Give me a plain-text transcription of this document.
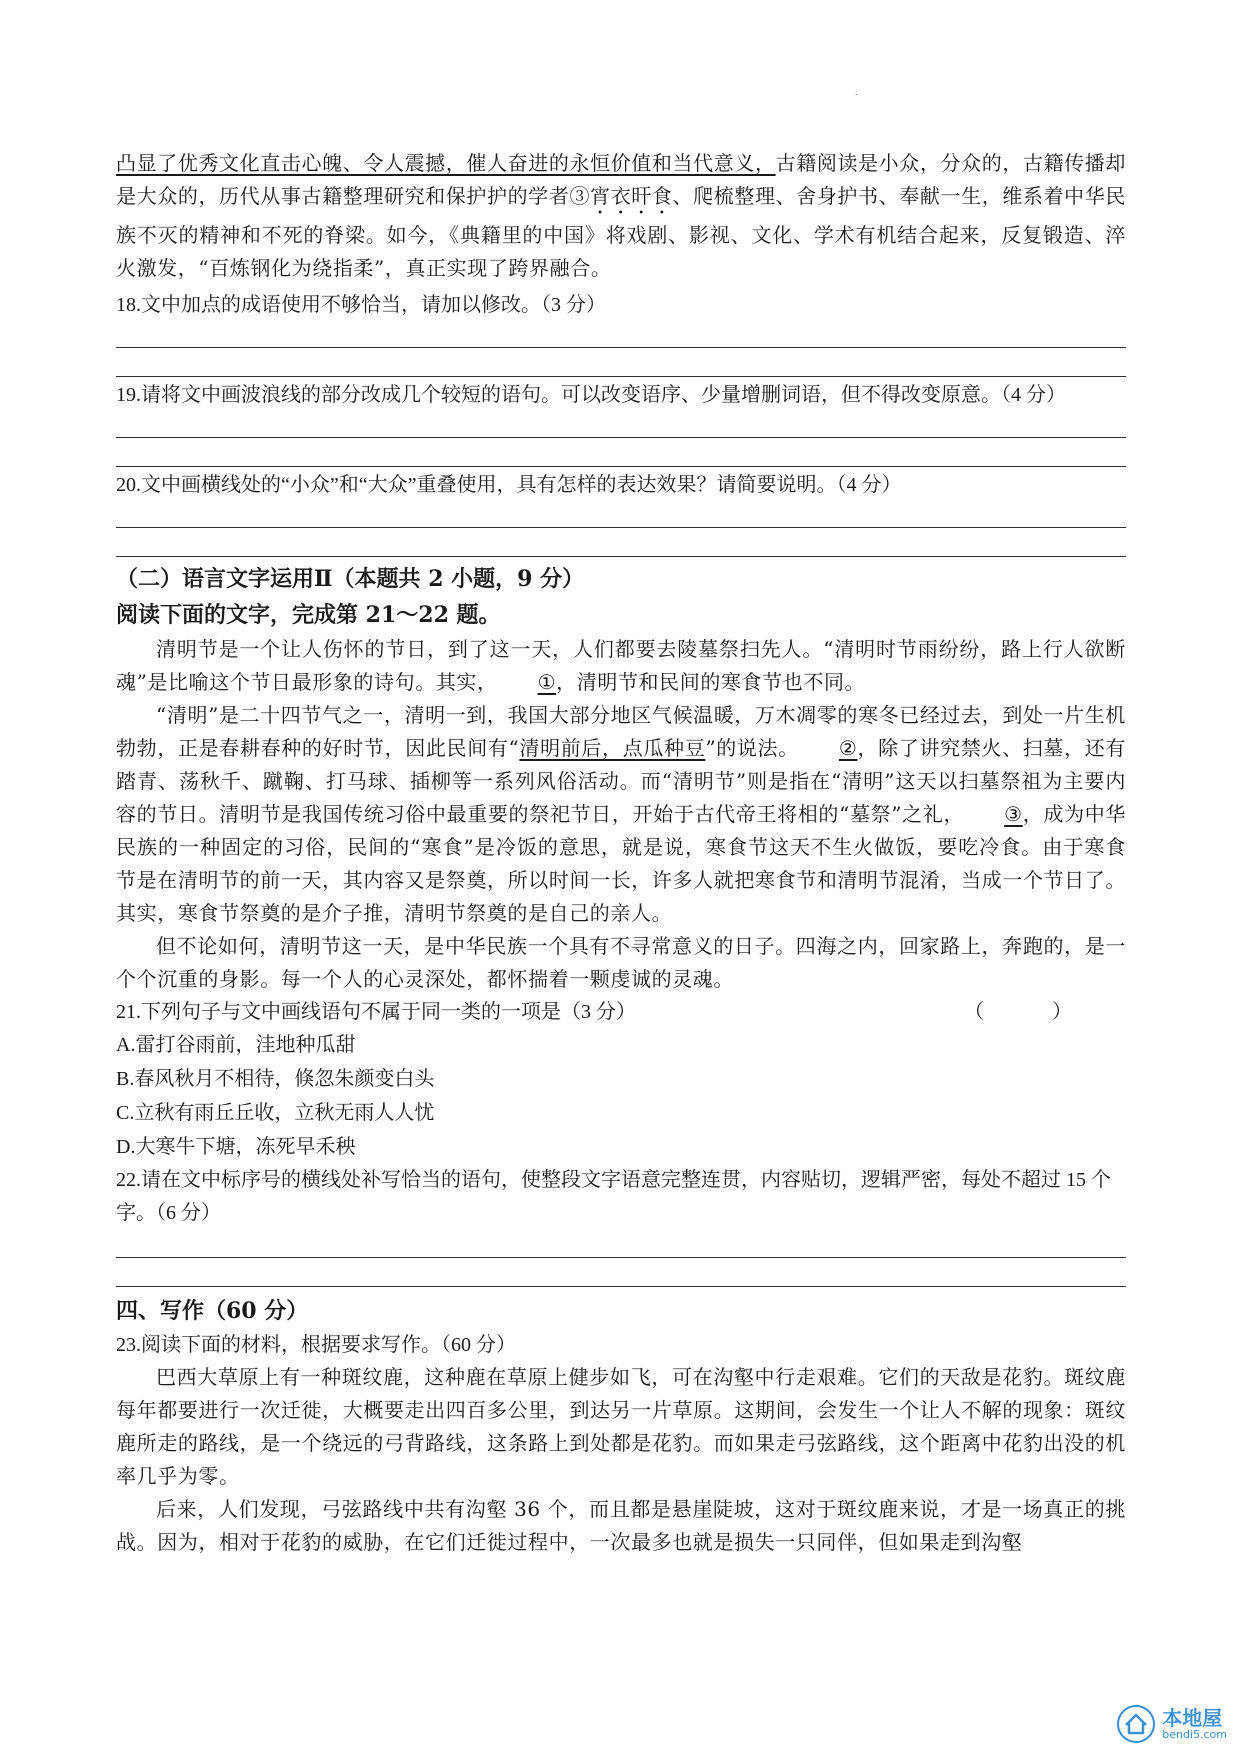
.

凸显了优秀文化直击心魄、令人震撼，催人奋进的永恒价值和当代意义，古籍阅读是小众，分众的，古籍传播却是大众的，历代从事古籍整理研究和保护护的学者③宵衣旰食、爬梳整理、舍身护书、奉献一生，维系着中华民族不灭的精神和不死的脊梁。如今，《典籍里的中国》将戏剧、影视、文化、学术有机结合起来，反复锻造、淬火激发，“百炼钢化为绕指柔”，真正实现了跨界融合。

18.文中加点的成语使用不够恰当，请加以修改。（3 分）

19.请将文中画波浪线的部分改成几个较短的语句。可以改变语序、少量增删词语，但不得改变原意。（4 分）

20.文中画横线处的“小众”和“大众”重叠使用，具有怎样的表达效果？请简要说明。（4 分）

（二）语言文字运用Ⅱ（本题共 2 小题，9 分）

阅读下面的文字，完成第 21～22 题。

清明节是一个让人伤怀的节日，到了这一天，人们都要去陵墓祭扫先人。“清明时节雨纷纷，路上行人欲断魂”是比喻这个节日最形象的诗句。其实， ①，清明节和民间的寒食节也不同。

“清明”是二十四节气之一，清明一到，我国大部分地区气候温暖，万木凋零的寒冬已经过去，到处一片生机勃勃，正是春耕春种的好时节，因此民间有“清明前后，点瓜种豆”的说法。 ②，除了讲究禁火、扫墓，还有踏青、荡秋千、蹴鞠、打马球、插柳等一系列风俗活动。而“清明节”则是指在“清明”这天以扫墓祭祖为主要内容的节日。清明节是我国传统习俗中最重要的祭祀节日，开始于古代帝王将相的“墓祭”之礼， ③，成为中华民族的一种固定的习俗，民间的“寒食”是冷饭的意思，就是说，寒食节这天不生火做饭，要吃冷食。由于寒食节是在清明节的前一天，其内容又是祭奠，所以时间一长，许多人就把寒食节和清明节混淆，当成一个节日了。其实，寒食节祭奠的是介子推，清明节祭奠的是自己的亲人。

但不论如何，清明节这一天，是中华民族一个具有不寻常意义的日子。四海之内，回家路上，奔跑的，是一个个沉重的身影。每一个人的心灵深处，都怀揣着一颗虔诚的灵魂。

21.下列句子与文中画线语句不属于同一类的一项是（3 分）	（　）

A.雷打谷雨前，洼地种瓜甜

B.春风秋月不相待，倏忽朱颜变白头

C.立秋有雨丘丘收，立秋无雨人人忧

D.大寒牛下塘，冻死早禾秧

22.请在文中标序号的横线处补写恰当的语句，使整段文字语意完整连贯，内容贴切，逻辑严密，每处不超过 15 个字。（6 分）

四、写作（60 分）

23.阅读下面的材料，根据要求写作。（60 分）

巴西大草原上有一种斑纹鹿，这种鹿在草原上健步如飞，可在沟壑中行走艰难。它们的天敌是花豹。斑纹鹿每年都要进行一次迁徙，大概要走出四百多公里，到达另一片草原。这期间，会发生一个让人不解的现象：斑纹鹿所走的路线，是一个绕远的弓背路线，这条路上到处都是花豹。而如果走弓弦路线，这个距离中花豹出没的机率几乎为零。

后来，人们发现，弓弦路线中共有沟壑 36 个，而且都是悬崖陡坡，这对于斑纹鹿来说，才是一场真正的挑战。因为，相对于花豹的威胁，在它们迁徙过程中，一次最多也就是损失一只同伴，但如果走到沟壑

本地屋
bendi5.com
